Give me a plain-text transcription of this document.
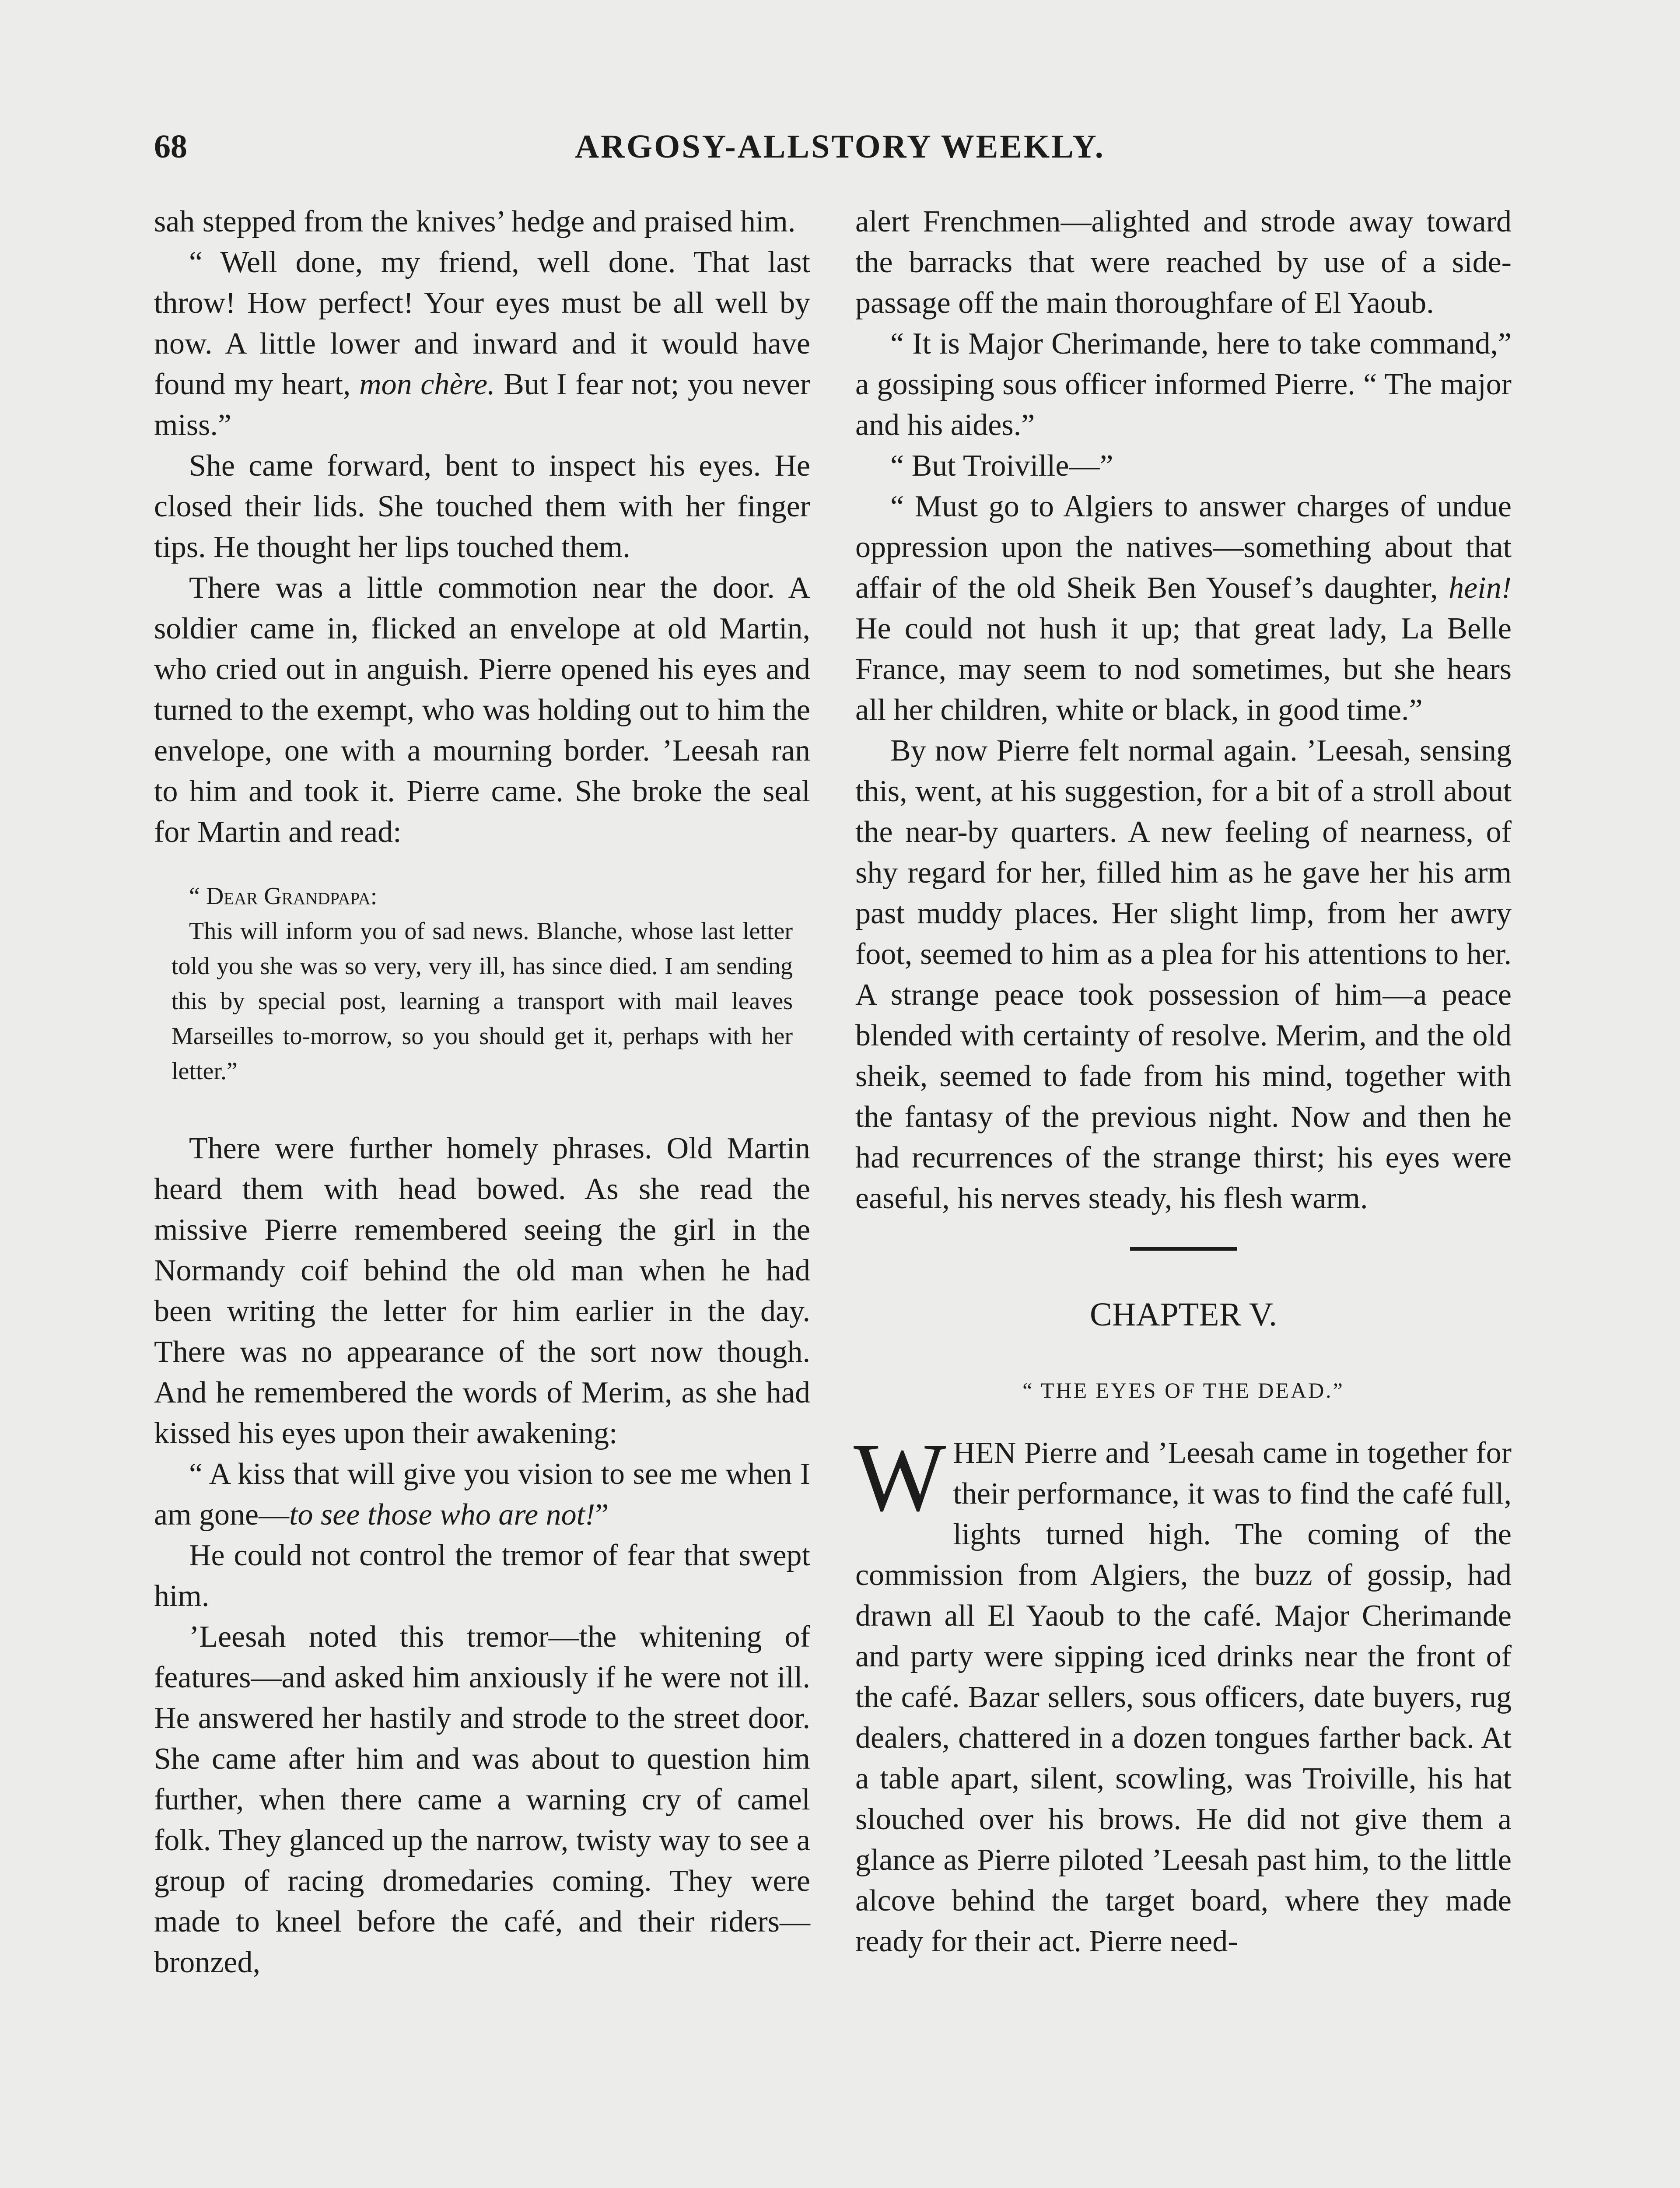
68	ARGOSY-ALLSTORY WEEKLY.

sah stepped from the knives’ hedge and praised him.

“ Well done, my friend, well done. That last throw! How perfect! Your eyes must be all well by now. A little lower and inward and it would have found my heart, mon chère. But I fear not; you never miss.”

She came forward, bent to inspect his eyes. He closed their lids. She touched them with her finger tips. He thought her lips touched them.

There was a little commotion near the door. A soldier came in, flicked an envelope at old Martin, who cried out in anguish. Pierre opened his eyes and turned to the exempt, who was holding out to him the envelope, one with a mourning border. ’Leesah ran to him and took it. Pierre came. She broke the seal for Martin and read:

“ Dear Grandpapa:

This will inform you of sad news. Blanche, whose last letter told you she was so very, very ill, has since died. I am sending this by special post, learning a transport with mail leaves Marseilles to-morrow, so you should get it, perhaps with her letter.”

There were further homely phrases. Old Martin heard them with head bowed. As she read the missive Pierre remembered seeing the girl in the Normandy coif behind the old man when he had been writing the letter for him earlier in the day. There was no appearance of the sort now though. And he remembered the words of Merim, as she had kissed his eyes upon their awakening:

“ A kiss that will give you vision to see me when I am gone—to see those who are not!”

He could not control the tremor of fear that swept him.

’Leesah noted this tremor—the whitening of features—and asked him anxiously if he were not ill. He answered her hastily and strode to the street door. She came after him and was about to question him further, when there came a warning cry of camel folk. They glanced up the narrow, twisty way to see a group of racing dromedaries coming. They were made to kneel before the café, and their riders—bronzed,

alert Frenchmen—alighted and strode away toward the barracks that were reached by use of a side-passage off the main thoroughfare of El Yaoub.

“ It is Major Cherimande, here to take command,” a gossiping sous officer informed Pierre. “ The major and his aides.”

“ But Troiville—”

“ Must go to Algiers to answer charges of undue oppression upon the natives—something about that affair of the old Sheik Ben Yousef’s daughter, hein! He could not hush it up; that great lady, La Belle France, may seem to nod sometimes, but she hears all her children, white or black, in good time.”

By now Pierre felt normal again. ’Leesah, sensing this, went, at his suggestion, for a bit of a stroll about the near-by quarters. A new feeling of nearness, of shy regard for her, filled him as he gave her his arm past muddy places. Her slight limp, from her awry foot, seemed to him as a plea for his attentions to her. A strange peace took possession of him—a peace blended with certainty of resolve. Merim, and the old sheik, seemed to fade from his mind, together with the fantasy of the previous night. Now and then he had recurrences of the strange thirst; his eyes were easeful, his nerves steady, his flesh warm.

CHAPTER V.
“ THE EYES OF THE DEAD.”

WHEN Pierre and ’Leesah came in together for their performance, it was to find the café full, lights turned high. The coming of the commission from Algiers, the buzz of gossip, had drawn all El Yaoub to the café. Major Cherimande and party were sipping iced drinks near the front of the café. Bazar sellers, sous officers, date buyers, rug dealers, chattered in a dozen tongues farther back. At a table apart, silent, scowling, was Troiville, his hat slouched over his brows. He did not give them a glance as Pierre piloted ’Leesah past him, to the little alcove behind the target board, where they made ready for their act. Pierre need-
